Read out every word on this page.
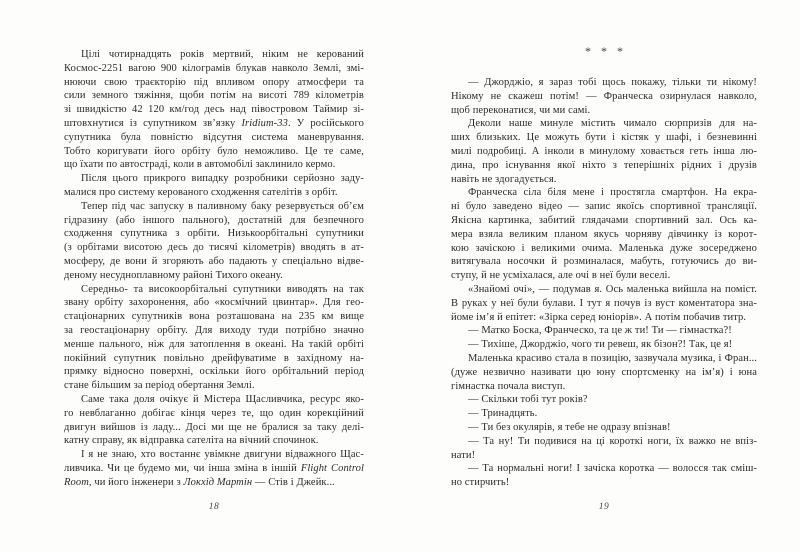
Цілі чотирнадцять років мертвий, ніким не керований
Космос-2251 вагою 900 кілограмів блукав навколо Землі, змі-
нюючи свою траєкторію під впливом опору атмосфери та
сили земного тяжіння, щоби потім на висоті 789 кілометрів
зі швидкістю 42 120 км/год десь над півостровом Таймир зі-
штовхнутися із супутником зв’язку Iridium-33. У російського
супутника була повністю відсутня система маневрування.
Тобто коригувати його орбіту було неможливо. Це те саме,
що їхати по автостраді, коли в автомобілі заклинило кермо.
Після цього прикрого випадку розробники серйозно заду-
малися про систему керованого сходження сателітів з орбіт.
Тепер під час запуску в паливному баку резервується об’єм
гідразину (або іншого пального), достатній для безпечного
сходження супутника з орбіти. Низькоорбітальні супутники
(з орбітами висотою десь до тисячі кілометрів) вводять в ат-
мосферу, де вони й згоряють або падають у спеціально відве-
деному несудноплавному районі Тихого океану.
Середньо- та високоорбітальні супутники виводять на так
звану орбіту захоронення, або «космічний цвинтар». Для гео-
стаціонарних супутників вона розташована на 235 км вище
за геостаціонарну орбіту. Для виходу туди потрібно значно
менше пального, ніж для затоплення в океані. На такій орбіті
покійний супутник повільно дрейфуватиме в західному на-
прямку відносно поверхні, оскільки його орбітальний період
стане більшим за період обертання Землі.
Саме така доля очікує й Містера Щасливчика, ресурс яко-
го невблаганно добігає кінця через те, що один корекційний
двигун вийшов із ладу... Досі ми ще не бралися за таку делі-
катну справу, як відправка сателіта на вічний спочинок.
І я не знаю, хто востаннє увімкне двигуни відважного Щас-
ливчика. Чи це будемо ми, чи інша зміна в іншій Flight Control
Room, чи його інженери з Локхід Мартін — Стів і Джейк...
* * *
— Джорджіо, я зараз тобі щось покажу, тільки ти нікому!
Нікому не скажеш потім! — Франческа озирнулася навколо,
щоб переконатися, чи ми самі.
Деколи наше минуле містить чимало сюрпризів для на-
ших близьких. Це можуть бути і кістяк у шафі, і безневинні
милі подробиці. А інколи в минулому ховається геть інша лю-
дина, про існування якої ніхто з теперішніх рідних і друзів
навіть не здогадується.
Франческа сіла біля мене і простягла смартфон. На екра-
ні було заведено відео — запис якоїсь спортивної трансляції.
Якісна картинка, забитий глядачами спортивний зал. Ось ка-
мера взяла великим планом якусь чорняву дівчинку із корот-
кою зачіскою і великими очима. Маленька дуже зосереджено
витягувала носочки й розминалася, мабуть, готуючись до ви-
ступу, й не усміхалася, але очі в неї були веселі.
«Знайомі очі», — подумав я. Ось маленька вийшла на поміст.
В руках у неї були булави. І тут я почув із вуст коментатора зна-
йоме ім’я й епітет: «Зірка серед юніорів». А потім побачив титр.
— Матко Боска, Франческо, та це ж ти! Ти — гімнастка?!
— Тихіше, Джорджіо, чого ти ревеш, як бізон?! Так, це я!
Маленька красиво стала в позицію, зазвучала музика, і Фран...
(дуже незвично називати цю юну спортсменку на ім’я) і юна
гімнастка почала виступ.
— Скільки тобі тут років?
— Тринадцять.
— Ти без окулярів, я тебе не одразу впізнав!
— Та ну! Ти подивися на ці короткі ноги, їх важко не впіз-
нати!
— Та нормальні ноги! І зачіска коротка — волосся так сміш-
но стирчить!
18	19
